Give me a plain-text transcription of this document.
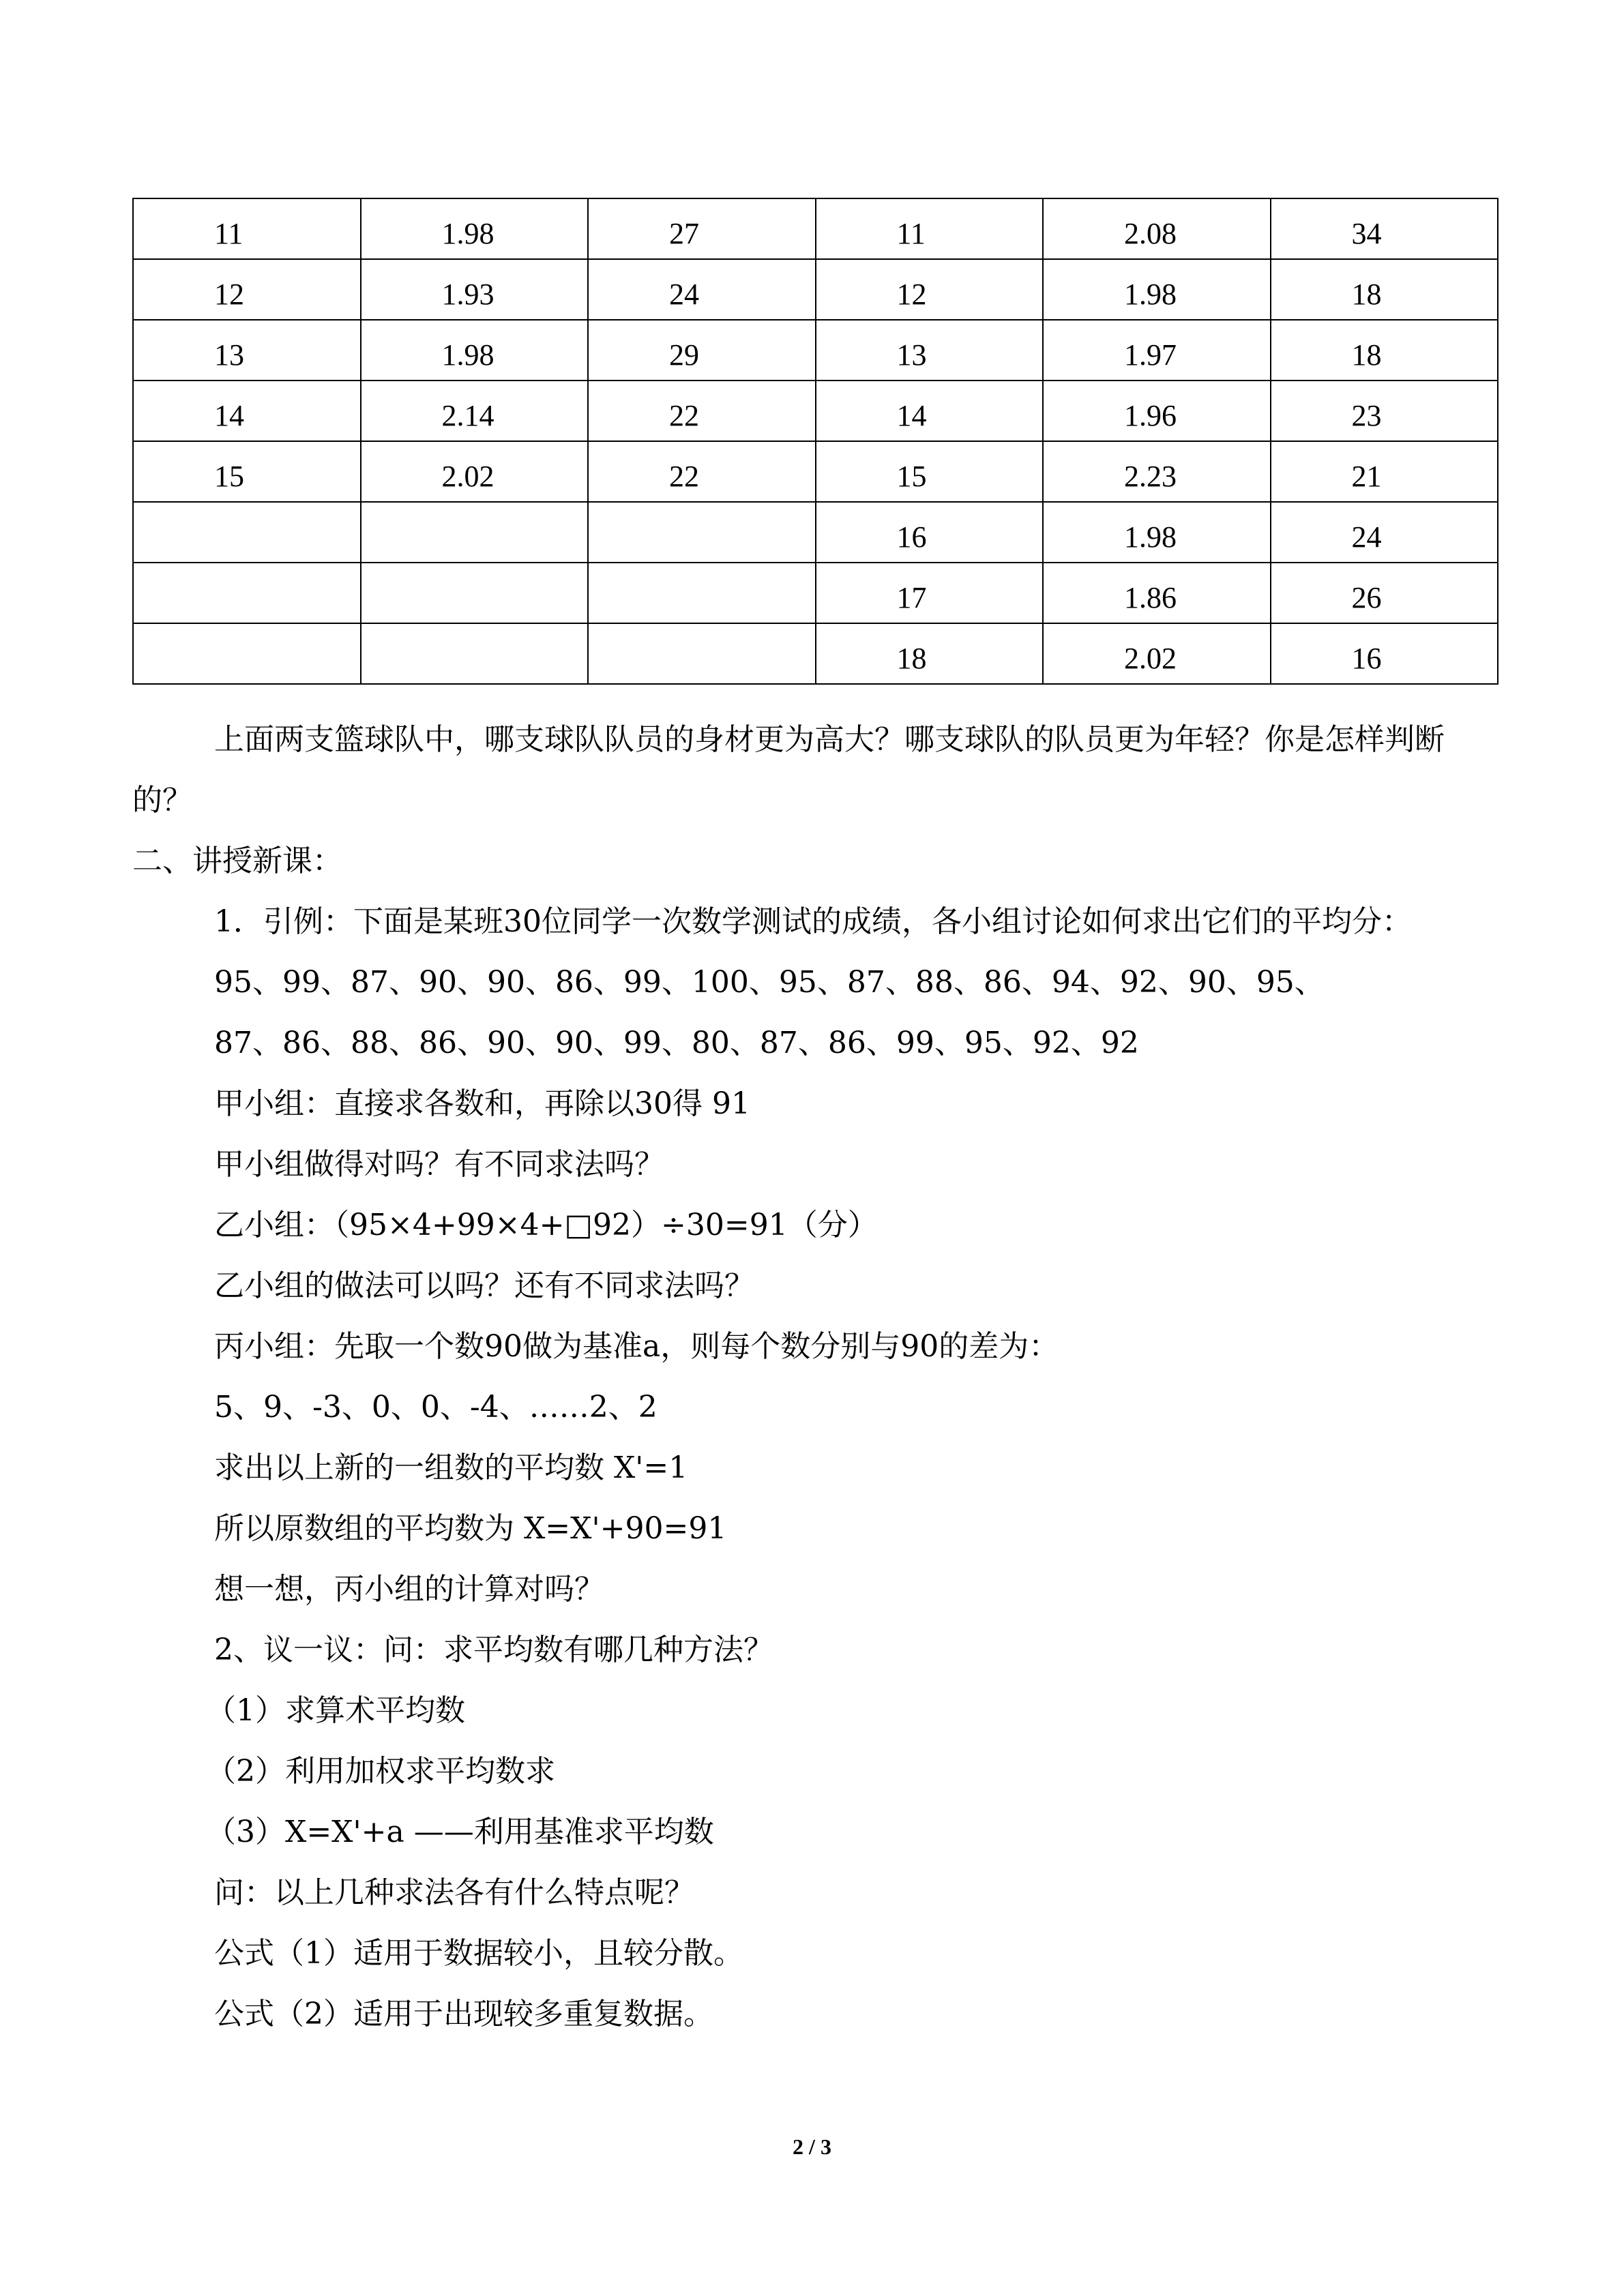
11	1.98	27	11	2.08	34
12	1.93	24	12	1.98	18
13	1.98	29	13	1.97	18
14	2.14	22	14	1.96	23
15	2.02	22	15	2.23	21
			16	1.98	24
			17	1.86	26
			18	2.02	16
上面两支篮球队中，哪支球队队员的身材更为高大？哪支球队的队员更为年轻？你是怎样判断的？
二、讲授新课：
1．引例：下面是某班30位同学一次数学测试的成绩，各小组讨论如何求出它们的平均分：
95、99、87、90、90、86、99、100、95、87、88、86、94、92、90、95、
87、86、88、86、90、90、99、80、87、86、99、95、92、92
甲小组：直接求各数和，再除以30得 91
甲小组做得对吗？有不同求法吗？
乙小组：（95×4+99×4+□92）÷30=91（分）
乙小组的做法可以吗？还有不同求法吗？
丙小组：先取一个数90做为基准a，则每个数分别与90的差为：
5、9、-3、0、0、-4、……2、2
求出以上新的一组数的平均数 X'=1
所以原数组的平均数为 X=X'+90=91
想一想，丙小组的计算对吗？
2、议一议：问：求平均数有哪几种方法？
（1）求算术平均数
（2）利用加权求平均数求
（3）X=X'+a ——利用基准求平均数
问：以上几种求法各有什么特点呢？
公式（1）适用于数据较小，且较分散。
公式（2）适用于出现较多重复数据。
2 / 3
